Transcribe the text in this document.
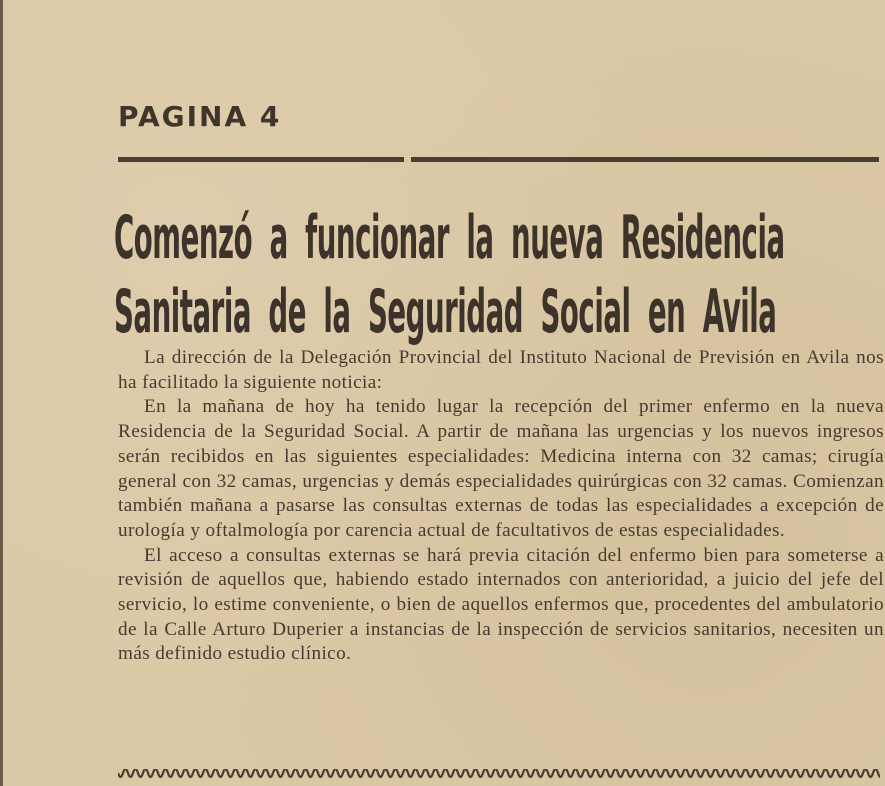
PAGINA 4
Comenzó a funcionar la nueva Residencia
Sanitaria de la Seguridad Social en Avila

La dirección de la Delegación Provincial del Instituto Nacional de Previsión en Avila nos ha facilitado la siguiente noticia:

En la mañana de hoy ha tenido lugar la recepción del primer enfermo en la nueva Residencia de la Seguridad Social. A partir de mañana las urgencias y los nuevos ingresos serán recibidos en las siguientes especialidades: Medicina interna con 32 camas; cirugía general con 32 camas, urgencias y demás especialidades quirúrgicas con 32 camas. Comienzan también mañana a pasarse las consultas externas de todas las especialidades a excepción de urología y oftalmología por carencia actual de facultativos de estas especialidades.

El acceso a consultas externas se hará previa citación del enfermo bien para someterse a revisión de aquellos que, habiendo estado internados con anterioridad, a juicio del jefe del servicio, lo estime conveniente, o bien de aquellos enfermos que, procedentes del ambulatorio de la Calle Arturo Duperier a instancias de la inspección de servicios sanitarios, necesiten un más definido estudio clínico.
